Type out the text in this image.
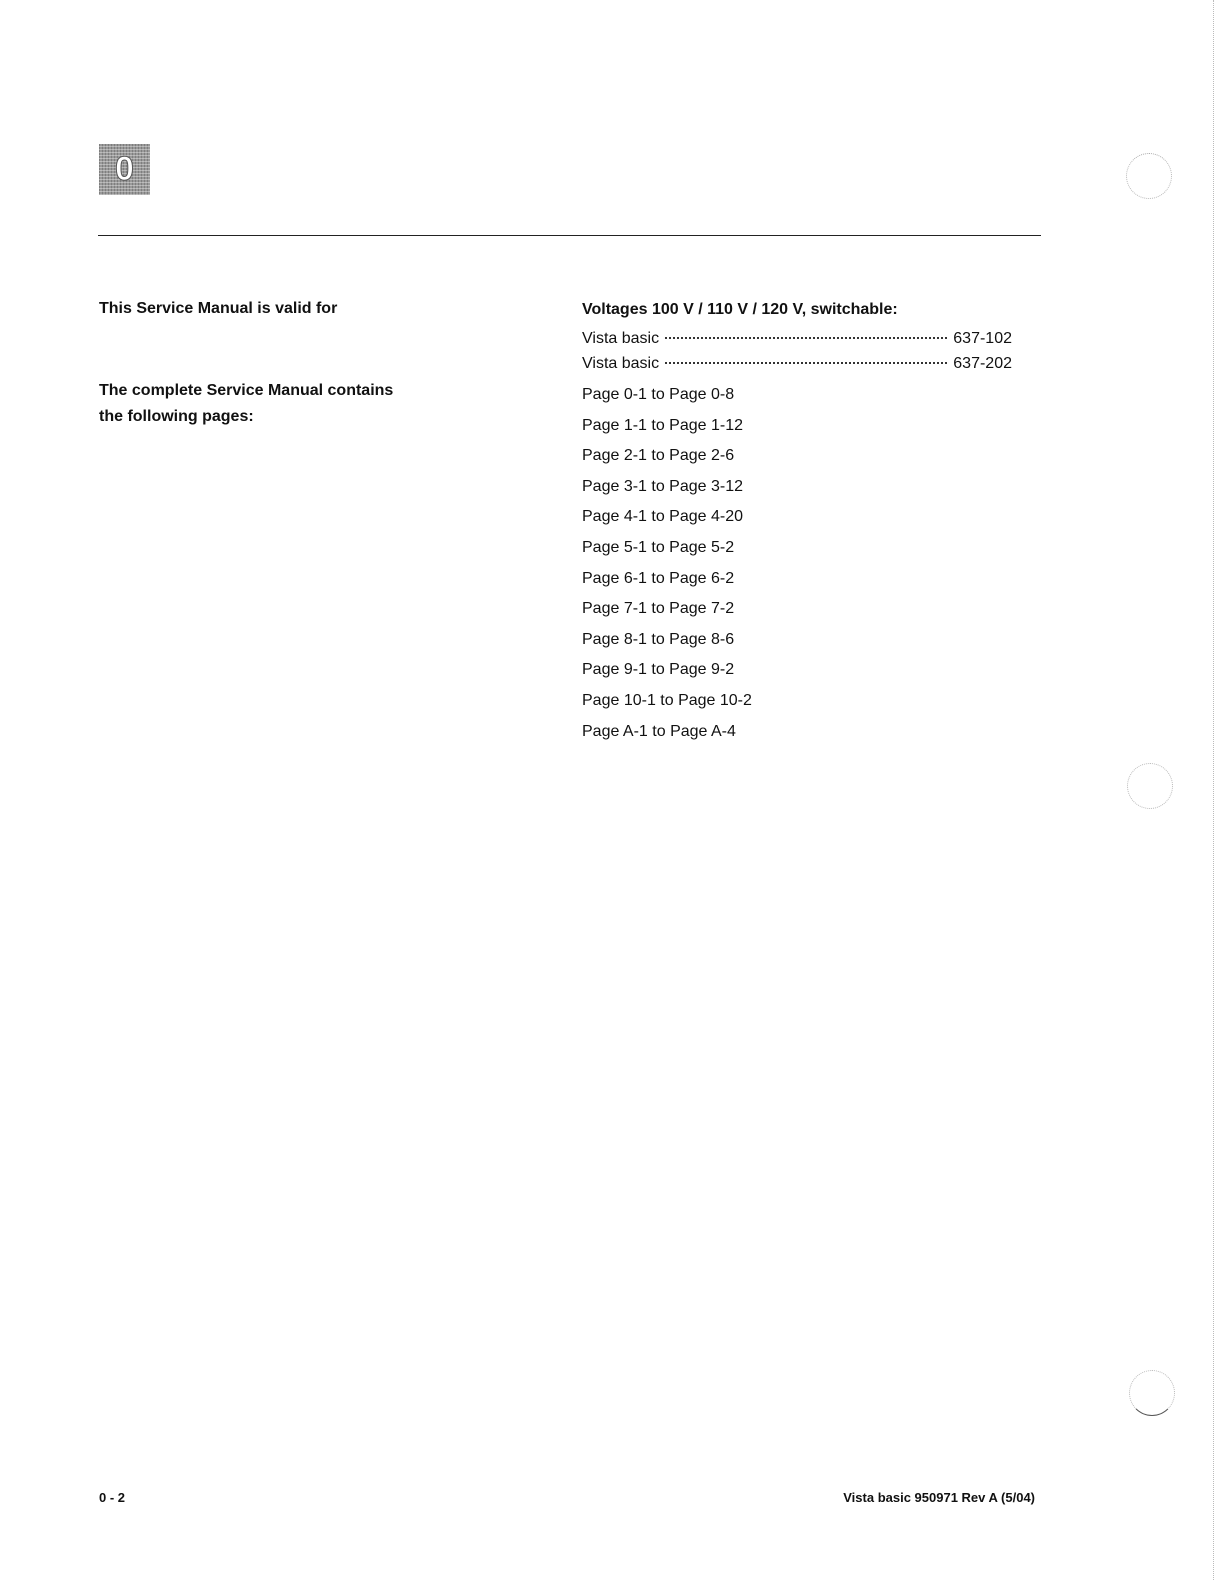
0
This Service Manual is valid for
The complete Service Manual contains
the following pages:
Voltages 100 V / 110 V / 120 V, switchable:
Vista basic	637-102
Vista basic	637-202
Page 0-1 to Page 0-8
Page 1-1 to Page 1-12
Page 2-1 to Page 2-6
Page 3-1 to Page 3-12
Page 4-1 to Page 4-20
Page 5-1 to Page 5-2
Page 6-1 to Page 6-2
Page 7-1 to Page 7-2
Page 8-1 to Page 8-6
Page 9-1 to Page 9-2
Page 10-1 to Page 10-2
Page A-1 to Page A-4
0 - 2	Vista basic 950971 Rev A (5/04)
